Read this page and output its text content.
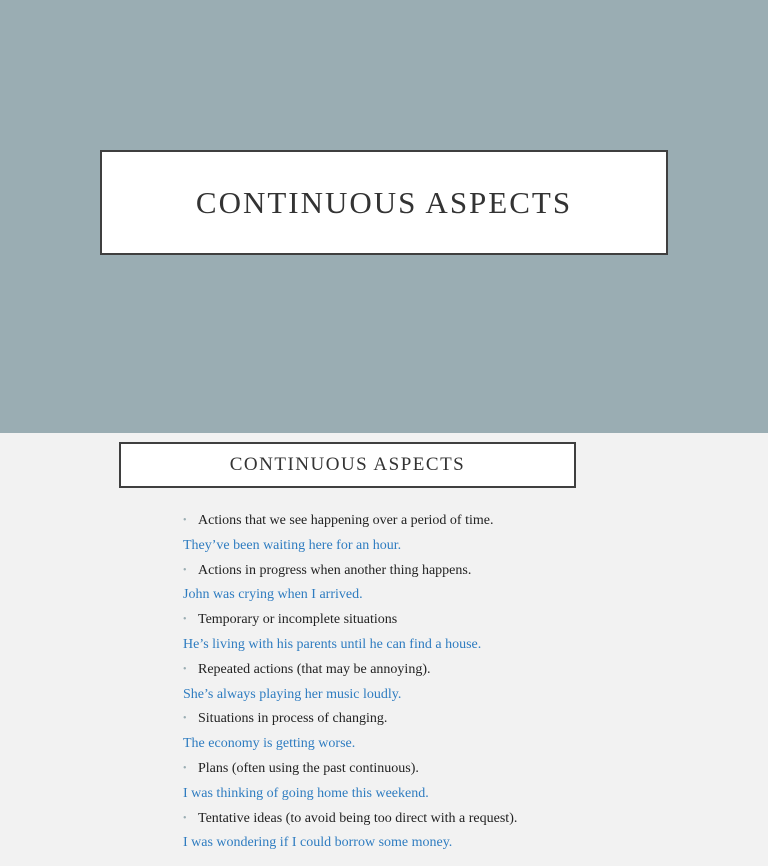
CONTINUOUS ASPECTS
CONTINUOUS ASPECTS
• Actions that we see happening over a period of time.
They’ve been waiting here for an hour.
• Actions in progress when another thing happens.
John was crying when I arrived.
• Temporary or incomplete situations
He’s living with his parents until he can find a house.
• Repeated actions (that may be annoying).
She’s always playing her music loudly.
• Situations in process of changing.
The economy is getting worse.
• Plans (often using the past continuous).
I was thinking of going home this weekend.
• Tentative ideas (to avoid being too direct with a request).
I was wondering if I could borrow some money.
